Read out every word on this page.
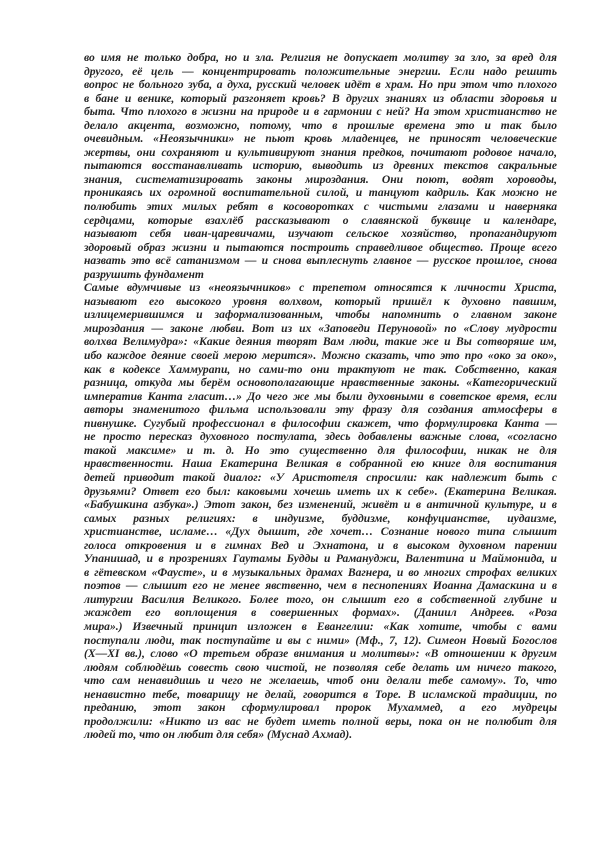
во имя не только добра, но и зла. Религия не допускает молитву за зло, за вред для
другого, её цель — концентрировать положительные энергии. Если надо решить
вопрос не больного зуба, а духа, русский человек идёт в храм. Но при этом что плохого
в бане и венике, который разгоняет кровь? В других знаниях из области здоровья и
быта. Что плохого в жизни на природе и в гармонии с ней? На этом христианство не
делало акцента, возможно, потому, что в прошлые времена это и так было
очевидным. «Неоязычники» не пьют кровь младенцев, не приносят человеческие
жертвы, они сохраняют и культивируют знания предков, почитают родовое начало,
пытаются восстанавливать историю, выводить из древних текстов сакральные
знания, систематизировать законы мироздания. Они поют, водят хороводы,
проникаясь их огромной воспитательной силой, и танцуют кадриль. Как можно не
полюбить этих милых ребят в косоворотках с чистыми глазами и наверняка
сердцами, которые взахлёб рассказывают о славянской буквице и календаре,
называют себя иван-царевичами, изучают сельское хозяйство, пропагандируют
здоровый образ жизни и пытаются построить справедливое общество. Проще всего
назвать это всё сатанизмом — и снова выплеснуть главное — русское прошлое, снова
разрушить фундамент
Самые вдумчивые из «неоязычников» с трепетом относятся к личности Христа,
называют его высокого уровня волхвом, который пришёл к духовно павшим,
излицемерившимся и заформализованным, чтобы напомнить о главном законе
мироздания — законе любви. Вот из их «Заповеди Перуновой» по «Слову мудрости
волхва Велимудра»: «Какие деяния творят Вам люди, такие же и Вы сотворяше им,
ибо каждое деяние своей мерою мерится». Можно сказать, что это про «око за око»,
как в кодексе Хаммурапи, но сами-то они трактуют не так. Собственно, какая
разница, откуда мы берём основополагающие нравственные законы. «Категорический
императив Канта гласит…» До чего же мы были духовными в советское время, если
авторы знаменитого фильма использовали эту фразу для создания атмосферы в
пивнушке. Сугубый профессионал в философии скажет, что формулировка Канта —
не просто пересказ духовного постулата, здесь добавлены важные слова, «согласно
такой максиме» и т. д. Но это существенно для философии, никак не для
нравственности. Наша Екатерина Великая в собранной ею книге для воспитания
детей приводит такой диалог: «У Аристотеля спросили: как надлежит быть с
друзьями? Ответ его был: каковыми хочешь иметь их к себе». (Екатерина Великая.
«Бабушкина азбука».) Этот закон, без изменений, живёт и в античной культуре, и в
самых разных религиях: в индуизме, буддизме, конфуцианстве, иудаизме,
христианстве, исламе… «Дух дышит, где хочет… Сознание нового типа слышит
голоса откровения и в гимнах Вед и Эхнатона, и в высоком духовном парении
Упанишад, и в прозрениях Гаутамы Будды и Рамануджи, Валентина и Маймонида, и
в гётевском «Фаусте», и в музыкальных драмах Вагнера, и во многих строфах великих
поэтов — слышит его не менее явственно, чем в песнопениях Иоанна Дамаскина и в
литургии Василия Великого. Более того, он слышит его в собственной глубине и
жаждет его воплощения в совершенных формах». (Даниил Андреев. «Роза
мира».) Извечный принцип изложен в Евангелии: «Как хотите, чтобы с вами
поступали люди, так поступайте и вы с ними» (Мф., 7, 12). Симеон Новый Богослов
(X—XI вв.), слово «О третьем образе внимания и молитвы»: «В отношении к другим
людям соблюдёшь совесть свою чистой, не позволяя себе делать им ничего такого,
что сам ненавидишь и чего не желаешь, чтоб они делали тебе самому». То, что
ненавистно тебе, товарищу не делай, говорится в Торе. В исламской традиции, по
преданию, этот закон сформулировал пророк Мухаммед, а его мудрецы
продолжили: «Никто из вас не будет иметь полной веры, пока он не полюбит для
людей то, что он любит для себя» (Муснад Ахмад).
